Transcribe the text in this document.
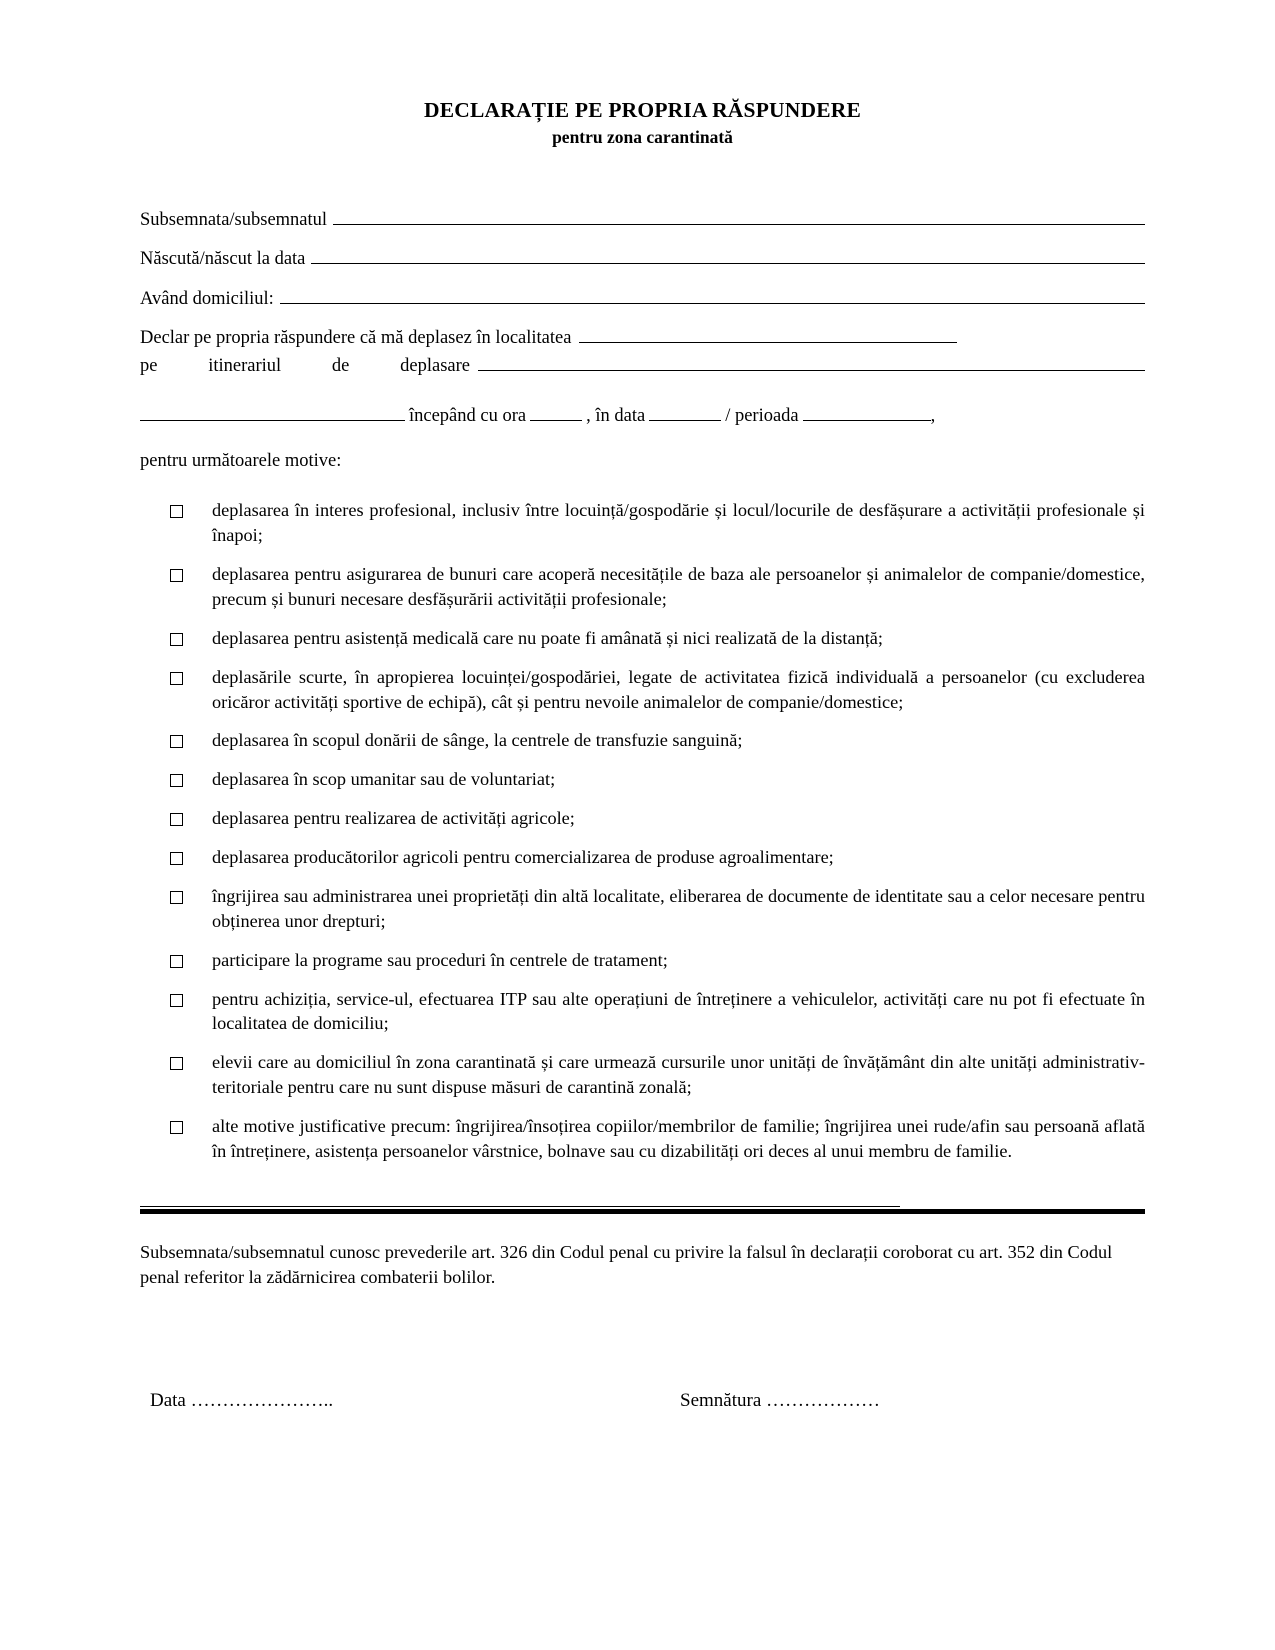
DECLARAȚIE PE PROPRIA RĂSPUNDERE
pentru zona carantinată
Subsemnata/subsemnatul
Născută/născut la data
Având domiciliul:
Declar pe propria răspundere că mă deplasez în localitatea
pe	itinerariul	de	deplasare
începând cu ora	, în data	/ perioada	,
pentru următoarele motive:
deplasarea în interes profesional, inclusiv între locuință/gospodărie și locul/locurile de desfășurare a activității profesionale și înapoi;
deplasarea pentru asigurarea de bunuri care acoperă necesitățile de baza ale persoanelor și animalelor de companie/domestice, precum și bunuri necesare desfășurării activității profesionale;
deplasarea pentru asistență medicală care nu poate fi amânată și nici realizată de la distanță;
deplasările scurte, în apropierea locuinței/gospodăriei, legate de activitatea fizică individuală a persoanelor (cu excluderea oricăror activități sportive de echipă), cât și pentru nevoile animalelor de companie/domestice;
deplasarea în scopul donării de sânge, la centrele de transfuzie sanguină;
deplasarea în scop umanitar sau de voluntariat;
deplasarea pentru realizarea de activități agricole;
deplasarea producătorilor agricoli pentru comercializarea de produse agroalimentare;
îngrijirea sau administrarea unei proprietăți din altă localitate, eliberarea de documente de identitate sau a celor necesare pentru obținerea unor drepturi;
participare la programe sau proceduri în centrele de tratament;
pentru achiziția, service-ul, efectuarea ITP sau alte operațiuni de întreținere a vehiculelor, activități care nu pot fi efectuate în localitatea de domiciliu;
elevii care au domiciliul în zona carantinată și care urmează cursurile unor unități de învățământ din alte unități administrativ-teritoriale pentru care nu sunt dispuse măsuri de carantină zonală;
alte motive justificative precum: îngrijirea/însoțirea copiilor/membrilor de familie; îngrijirea unei rude/afin sau persoană aflată în întreținere, asistența persoanelor vârstnice, bolnave sau cu dizabilități ori deces al unui membru de familie.
Subsemnata/subsemnatul cunosc prevederile art. 326 din Codul penal cu privire la falsul în declarații coroborat cu art. 352 din Codul penal referitor la zădărnicirea combaterii bolilor.
Data …………………..	Semnătura ………………
